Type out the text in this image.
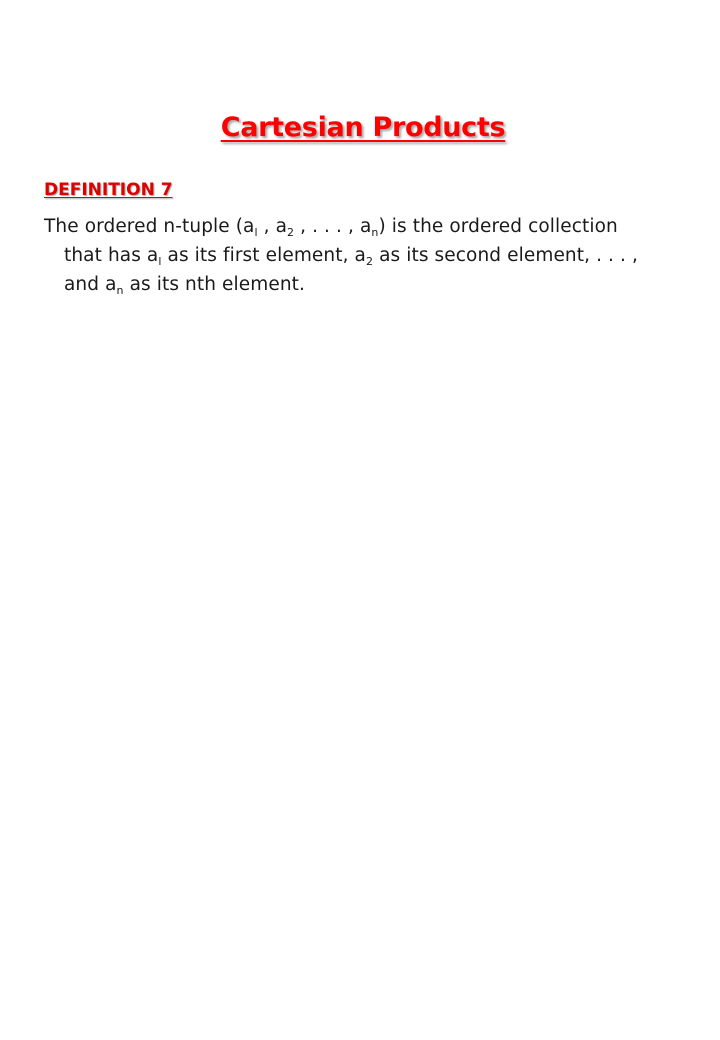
Cartesian Products
DEFINITION 7
The ordered n-tuple ($a_l$ , $a_2$ , . . . , $a_n$) is the ordered collection
that has $a_l$ as its first element, $a_2$ as its second element, . . . ,
and $a_n$ as its nth element.
